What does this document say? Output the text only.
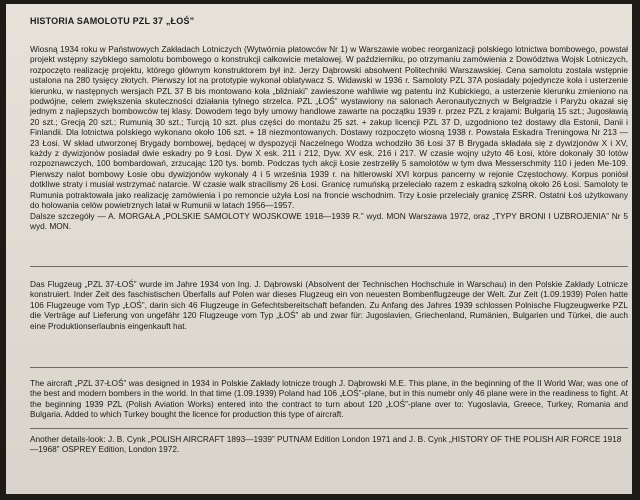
HISTORIA SAMOLOTU PZL 37 „ŁOŚ”

Wiosną 1934 roku w Państwowych Zakładach Lotniczych (Wytwórnia płatowców Nr 1) w Warszawie wobec reorganizacji polskiego lotnictwa bombowego, powstał projekt wstępny szybkiego samolotu bombowego o konstrukcji całkowicie metalowej. W październiku, po otrzymaniu zamówienia z Dowództwa Wojsk Lotniczych, rozpoczęto realizację projektu, którego głównym konstruktorem był inż. Jerzy Dąbrowski absolwent Politechniki Warszawskiej. Cena samolotu została wstępnie ustalona na 280 tysięcy złotych. Pierwszy lot na prototypie wykonał oblatywacz S. Widawski w 1936 r. Samoloty PZL 37A posiadały pojedyncze koła i usterzenie kierunku, w następnych wersjach PZL 37 B bis montowano koła „bliźniaki” zawieszone wahliwie wg patentu inż Kubickiego, a usterzenie kierunku zmieniono na podwójne, celem zwiększenia skuteczności działania tylnego strzelca. PZL „ŁOŚ” wystawiony na salonach Aeronautycznych w Belgradzie i Paryżu okazał się jednym z najlepszych bombowców tej klasy. Dowodem tego były umowy handlowe zawarte na początku 1939 r. przez PZL z krajami: Bułgarią 15 szt.; Jugosławią 20 szt.; Grecją 20 szt.; Rumunią 30 szt.; Turcją 10 szt. plus części do montażu 25 szt. + zakup licencji PZL 37 D, uzgodniono też dostawy dla Estonii, Danii i Finlandii. Dla lotnictwa polskiego wykonano około 106 szt. + 18 niezmontowanych. Dostawy rozpoczęto wiosną 1938 r. Powstała Eskadra Treningowa Nr 213 — 23 Łosi. W skład utworzonej Brygady bombowej, będącej w dyspozycji Naczelnego Wodza wchodziło 36 Łosi 37 B Brygada składała się z dywizjonów X i XV, każdy z dywizjonów posiadał dwie eskadry po 9 Łosi. Dyw X esk. 211 i 212, Dyw. XV esk. 216 i 217. W czasie wojny użyto 46 Łosi, które dokonały 30 lotów rozpoznawczych, 100 bombardowań, zrzucając 120 tys. bomb. Podczas tych akcji Łosie zestrzeliły 5 samolotów w tym dwa Messerschmity 110 i jeden Me-109. Pierwszy nalot bombowy Łosie obu dywizjonów wykonały 4 i 5 września 1939 r. na hitlerowski XVI korpus pancerny w rejonie Częstochowy. Korpus poniósł dotkliwe straty i musiał wstrzymać natarcie. W czasie walk stracilismy 26 Łosi. Granicę rumuńską przeleciało razem z eskadrą szkolną około 26 Łosi. Samoloty te Rumunia potraktowała jako realizację zamówienia i po remoncie użyła Łosi na froncie wschodnim. Trzy Łosie przeleciały granicę ZSRR. Ostatni Łoś użytkowany do holowania celów powietrznych latał w Rumunii w latach 1956—1957.

Dalsze szczegóły — A. MORGAŁA „POLSKIE SAMOLOTY WOJSKOWE 1918—1939 R.” wyd. MON Warszawa 1972, oraz „TYPY BRONI I UZBROJENIA” Nr 5 wyd. MON.

Das Flugzeug „PZL 37-ŁOŚ” wurde im Jahre 1934 von Ing. J. Dąbrowski (Absolvent der Technischen Hochschule in Warschau) in den Polskie Zakłady Lotnicze konstruiert. Inder Zeit des faschistischen Überfalls auf Polen war dieses Flugzeug ein von neuesten Bombenflugzeuge der Welt. Zur Zeit (1.09.1939) Polen hatte 106 Flugzeuge vom Typ „ŁOŚ”, darin sich 46 Flugzeuge in Gefechtsbereitschaft befanden. Zu Anfang des Jahres 1939 schlossen Polnische Flugzeugwerke PZL die Verträge auf Lieferung von ungefähr 120 Flugzeuge vom Typ „ŁOŚ” ab und zwar für: Jugoslavien, Griechenland, Rumänien, Bulgarien und Türkei, die auch eine Produktionserlaubnis eingenkauft hat.

The aircraft „PZL 37-ŁOŚ” was designed in 1934 in Polskie Zakłady lotnicze trough J. Dąbrowski M.E. This plane, in the beginning of the II World War, was one of the best and modern bombers in the world. In that time (1.09.1939) Poland had 106 „ŁOŚ”-plane, but in this numebr only 46 plane were in the readiness to fight. At the beginning 1939 PZL (Polish Aviation Works) entered into the contract to turn about 120 „ŁOŚ”-plane over to: Yugoslavia, Greece, Turkey, Romania and Bulgaria. Added to which Turkey bought the licence for production this type of aircraft.

Another details-look: J. B. Cynk „POLISH AIRCRAFT 1893—1939” PUTNAM Edition London 1971 and J. B. Cynk „HISTORY OF THE POLISH AIR FORCE 1918—1968” OSPREY Edition, London 1972.
